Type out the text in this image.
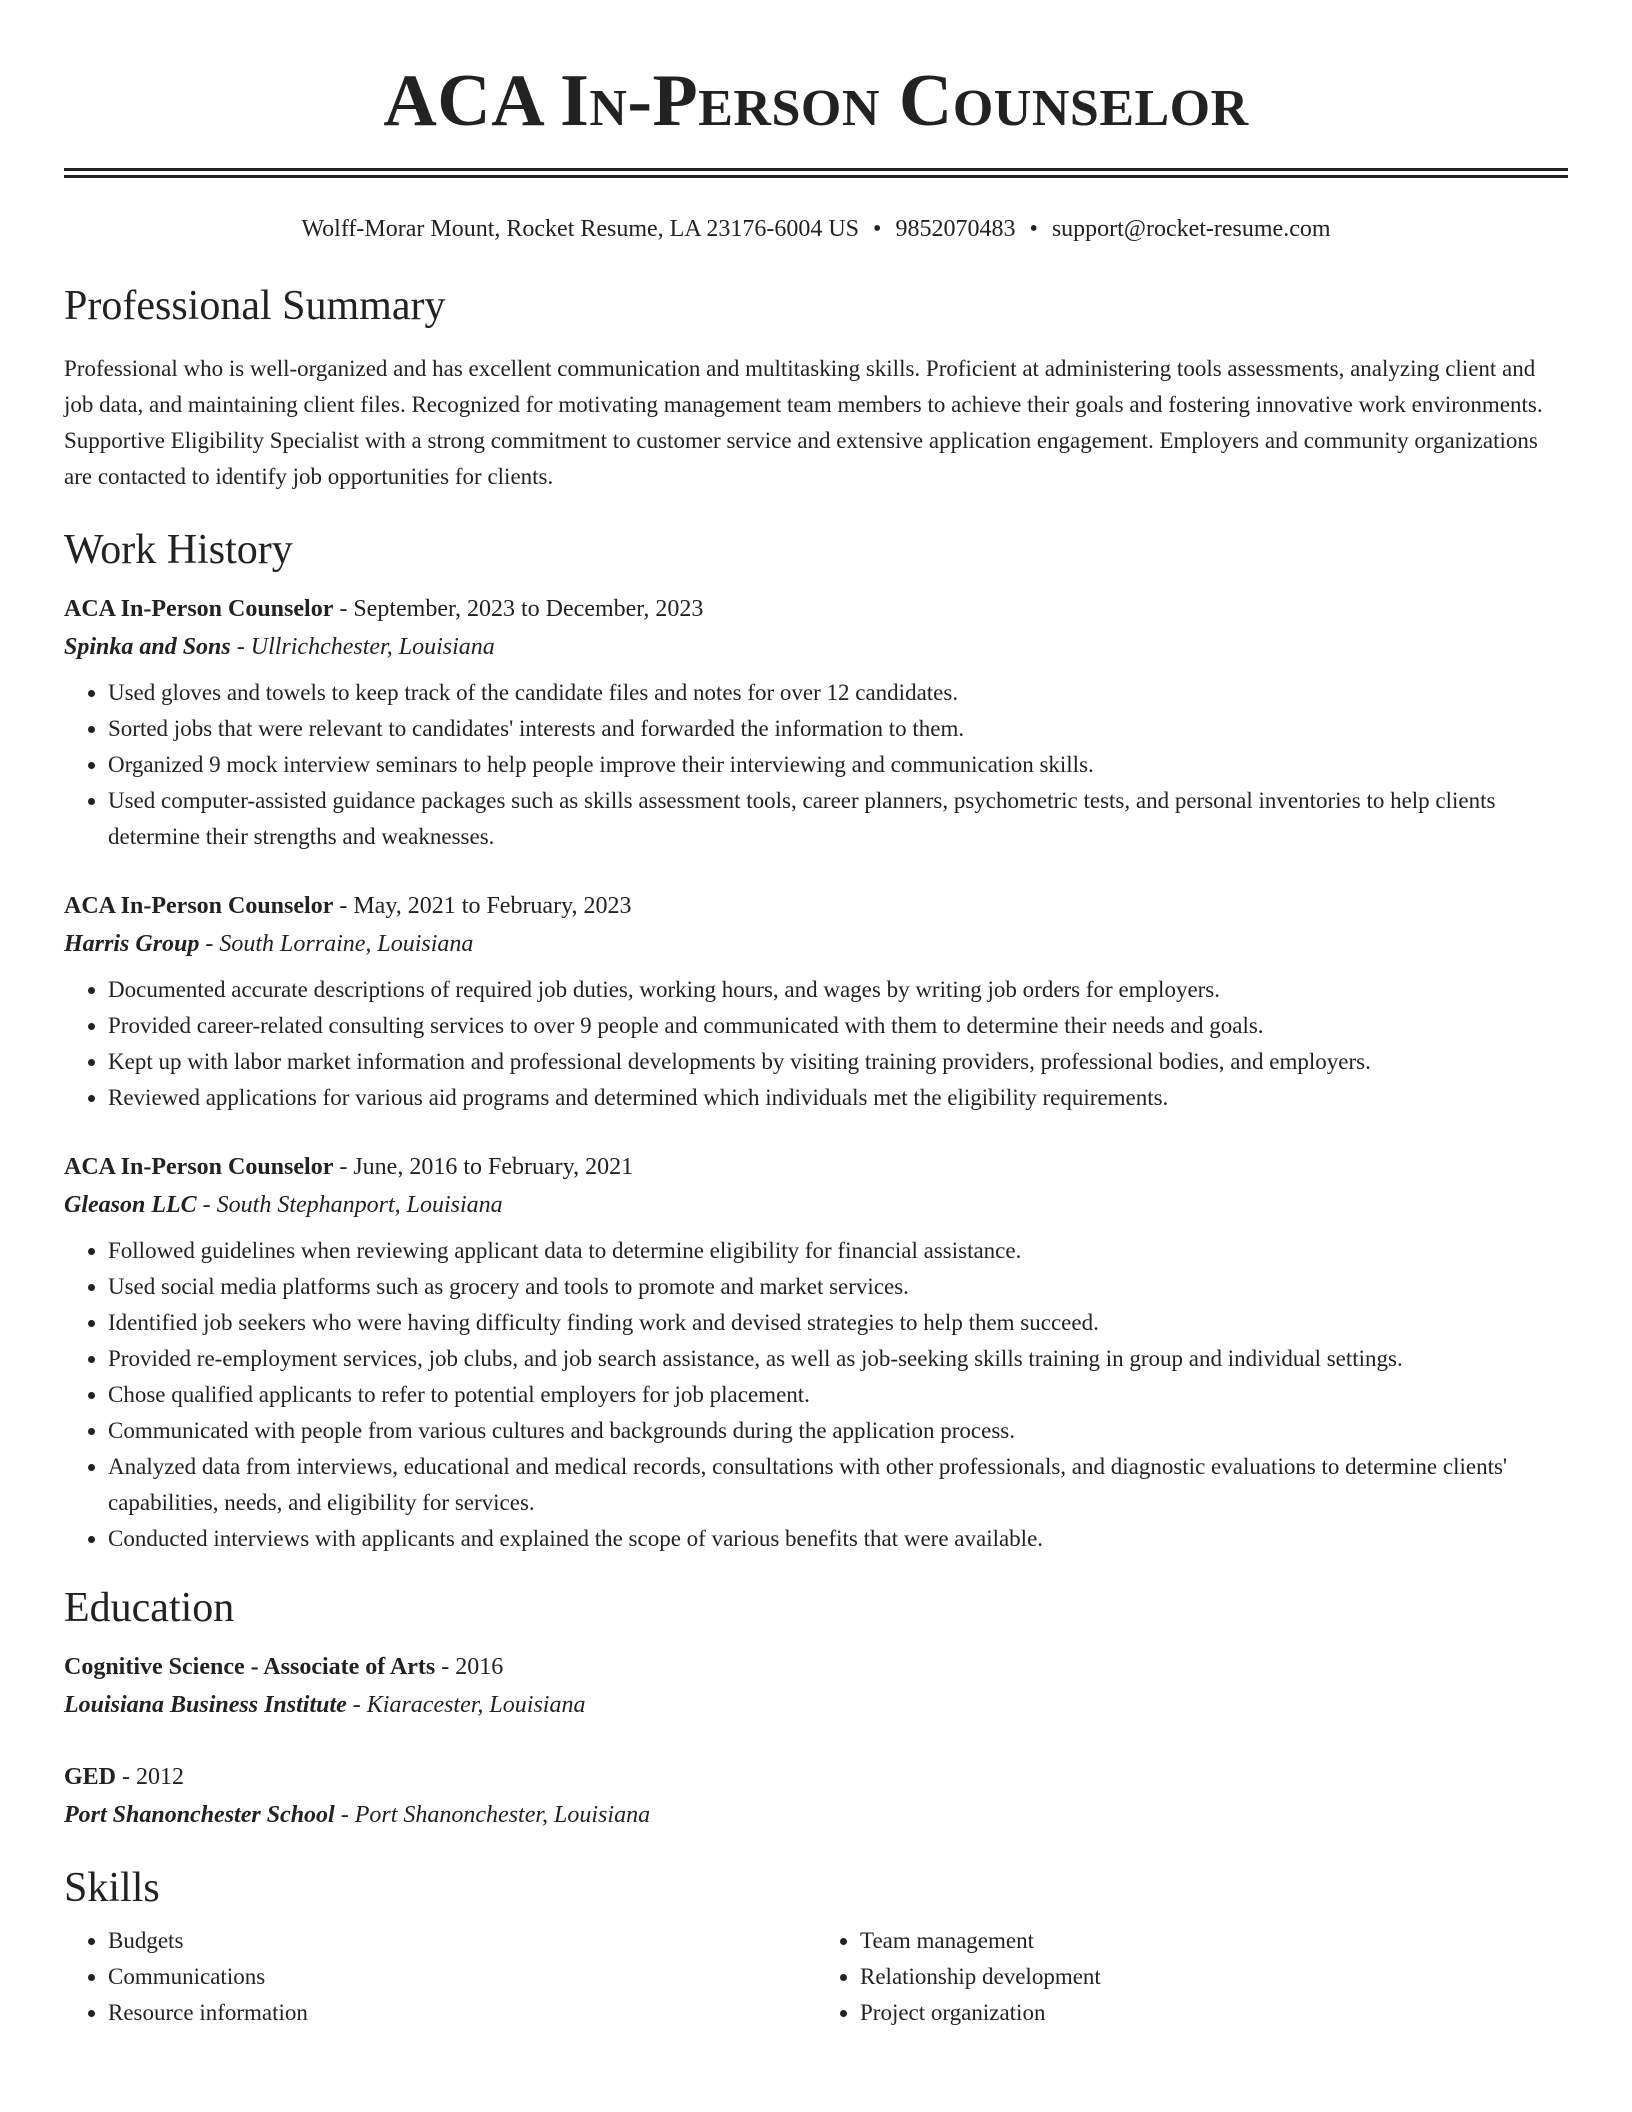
ACA In-Person Counselor
Wolff-Morar Mount, Rocket Resume, LA 23176-6004 US • 9852070483 • support@rocket-resume.com
Professional Summary
Professional who is well-organized and has excellent communication and multitasking skills. Proficient at administering tools assessments, analyzing client and job data, and maintaining client files. Recognized for motivating management team members to achieve their goals and fostering innovative work environments. Supportive Eligibility Specialist with a strong commitment to customer service and extensive application engagement. Employers and community organizations are contacted to identify job opportunities for clients.
Work History
ACA In-Person Counselor - September, 2023 to December, 2023
Spinka and Sons - Ullrichchester, Louisiana
• Used gloves and towels to keep track of the candidate files and notes for over 12 candidates.
• Sorted jobs that were relevant to candidates' interests and forwarded the information to them.
• Organized 9 mock interview seminars to help people improve their interviewing and communication skills.
• Used computer-assisted guidance packages such as skills assessment tools, career planners, psychometric tests, and personal inventories to help clients determine their strengths and weaknesses.
ACA In-Person Counselor - May, 2021 to February, 2023
Harris Group - South Lorraine, Louisiana
• Documented accurate descriptions of required job duties, working hours, and wages by writing job orders for employers.
• Provided career-related consulting services to over 9 people and communicated with them to determine their needs and goals.
• Kept up with labor market information and professional developments by visiting training providers, professional bodies, and employers.
• Reviewed applications for various aid programs and determined which individuals met the eligibility requirements.
ACA In-Person Counselor - June, 2016 to February, 2021
Gleason LLC - South Stephanport, Louisiana
• Followed guidelines when reviewing applicant data to determine eligibility for financial assistance.
• Used social media platforms such as grocery and tools to promote and market services.
• Identified job seekers who were having difficulty finding work and devised strategies to help them succeed.
• Provided re-employment services, job clubs, and job search assistance, as well as job-seeking skills training in group and individual settings.
• Chose qualified applicants to refer to potential employers for job placement.
• Communicated with people from various cultures and backgrounds during the application process.
• Analyzed data from interviews, educational and medical records, consultations with other professionals, and diagnostic evaluations to determine clients' capabilities, needs, and eligibility for services.
• Conducted interviews with applicants and explained the scope of various benefits that were available.
Education
Cognitive Science - Associate of Arts - 2016
Louisiana Business Institute - Kiaracester, Louisiana
GED - 2012
Port Shanonchester School - Port Shanonchester, Louisiana
Skills
• Budgets
• Communications
• Resource information
• Team management
• Relationship development
• Project organization
